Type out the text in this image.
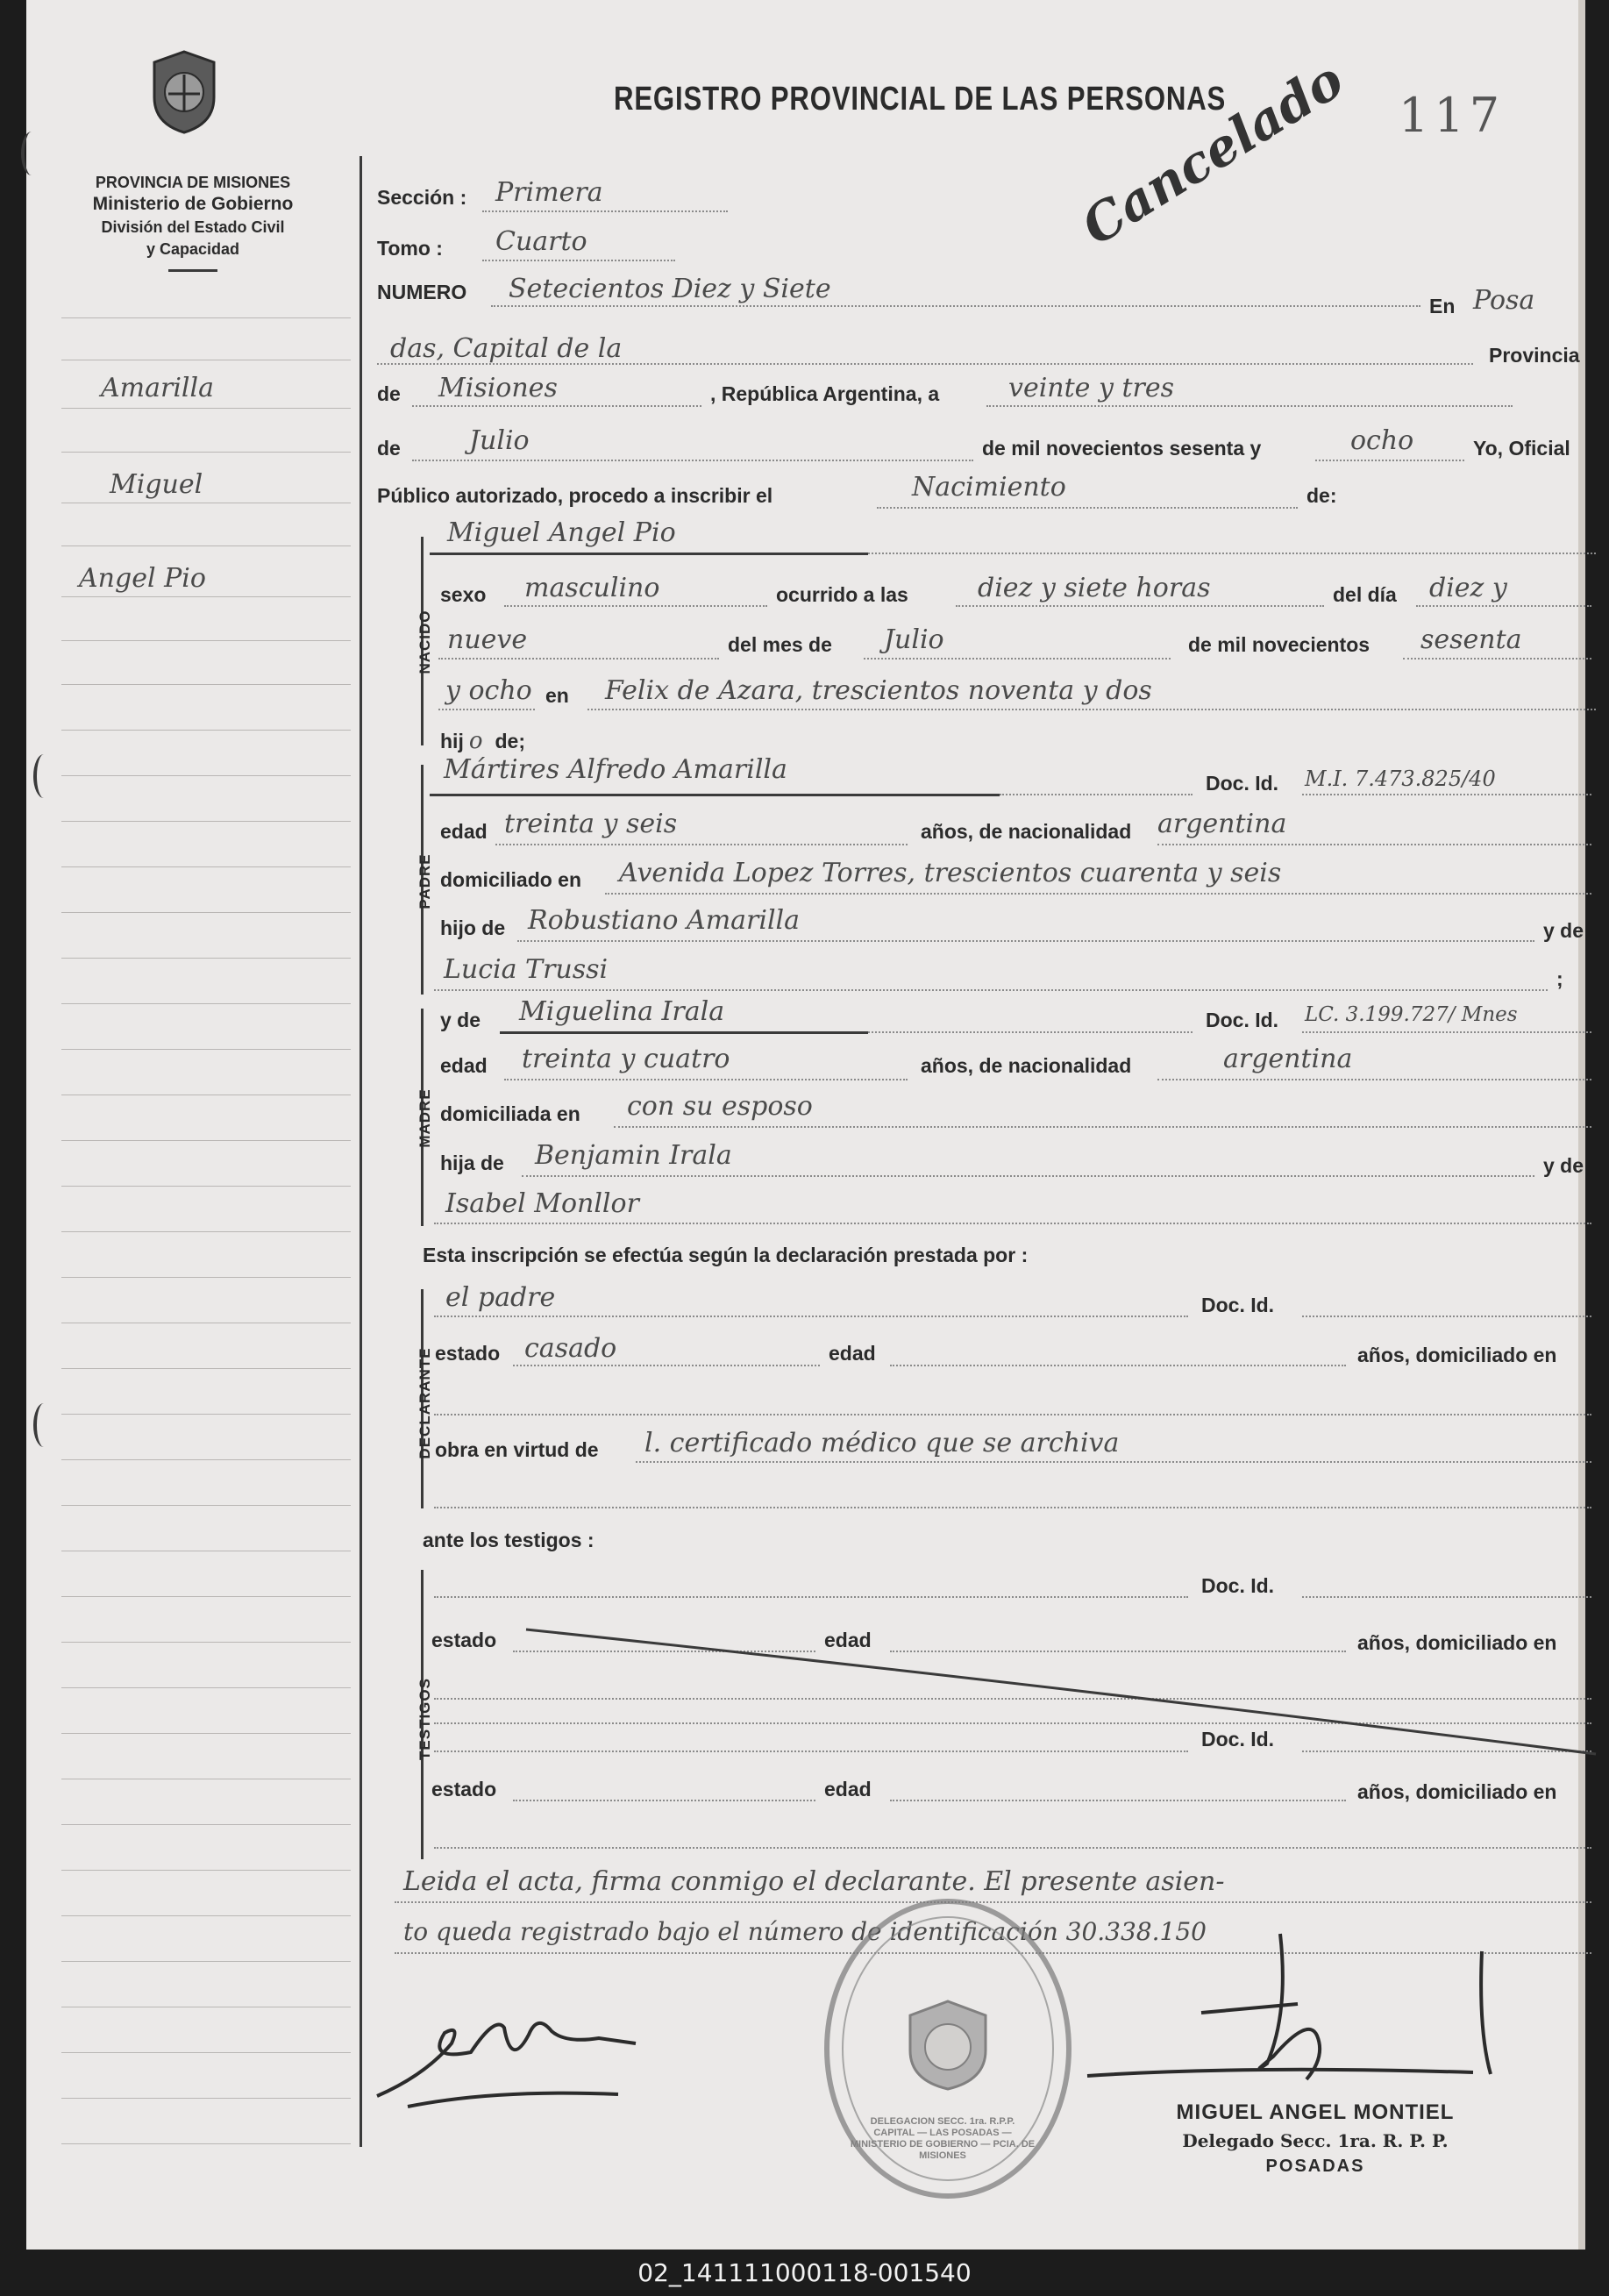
PROVINCIA DE MISIONES
Ministerio de Gobierno
División del Estado Civil
y Capacidad
REGISTRO PROVINCIAL DE LAS PERSONAS	117
Cancelado
Amarilla
Miguel
Angel Pio
Sección : Primera
Tomo : Cuarto
NUMERO Setecientos Diez y Siete
En Posa
das, Capital de la	Provincia
de Misiones	, República Argentina, a	veinte y tres
de	Julio	de mil novecientos sesenta y	ocho	Yo, Oficial
Público autorizado, procedo a inscribir el	Nacimiento	de:
NACIDO
Miguel Angel Pio
sexo masculino	ocurrido a las	diez y siete horas	del día diez y
nueve	del mes de Julio	de mil novecientos sesenta
y ocho en Felix de Azara, trescientos noventa y dos
hij o de;
PADRE
Mártires Alfredo Amarilla	Doc. Id. M.I. 7.473.825/40
edad treinta y seis	años, de nacionalidad argentina
domiciliado en Avenida Lopez Torres, trescientos cuarenta y seis
hijo de Robustiano Amarilla	y de
Lucia Trussi	;
MADRE
y de Miguelina Irala	Doc. Id. LC. 3.199.727/ Mnes
edad treinta y cuatro	años, de nacionalidad	argentina
domiciliada en con su esposo
hija de Benjamin Irala	y de
Isabel Monllor
Esta inscripción se efectúa según la declaración prestada por :
DECLARANTE
el padre	Doc. Id.
estado casado	edad	años, domiciliado en
obra en virtud de l. certificado médico que se archiva
ante los testigos :
TESTIGOS
Doc. Id.
estado	edad	años, domiciliado en
Doc. Id.
estado	edad	años, domiciliado en
Leida el acta, firma conmigo el declarante. El presente asien-
to queda registrado bajo el número de identificación 30.338.150
DELEGACION SECC. 1ra. R.P.P. CAPITAL — LAS POSADAS — MINISTERIO DE GOBIERNO — PCIA. DE MISIONES
MIGUEL ANGEL MONTIEL
Delegado Secc. 1ra. R. P. P.
POSADAS
02_141111000118-001540
